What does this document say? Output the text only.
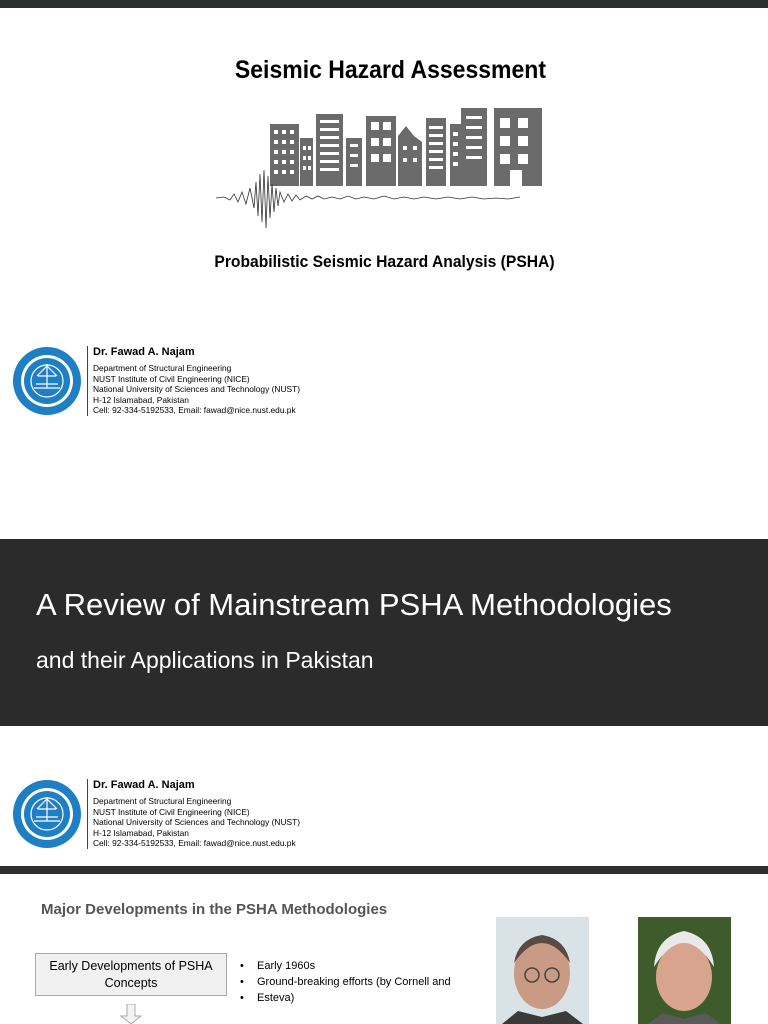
Seismic Hazard Assessment
Probabilistic Seismic Hazard Analysis (PSHA)
Dr. Fawad A. Najam
Department of Structural Engineering
NUST Institute of Civil Engineering (NICE)
National University of Sciences and Technology (NUST)
H-12 Islamabad, Pakistan
Cell: 92-334-5192533, Email: fawad@nice.nust.edu.pk
A Review of Mainstream PSHA Methodologies
and their Applications in Pakistan
Dr. Fawad A. Najam
Department of Structural Engineering
NUST Institute of Civil Engineering (NICE)
National University of Sciences and Technology (NUST)
H-12 Islamabad, Pakistan
Cell: 92-334-5192533, Email: fawad@nice.nust.edu.pk
Major Developments in the PSHA Methodologies
Early Developments of PSHA
Concepts
• Early 1960s
• Ground-breaking efforts (by Cornell and
• Esteva)
